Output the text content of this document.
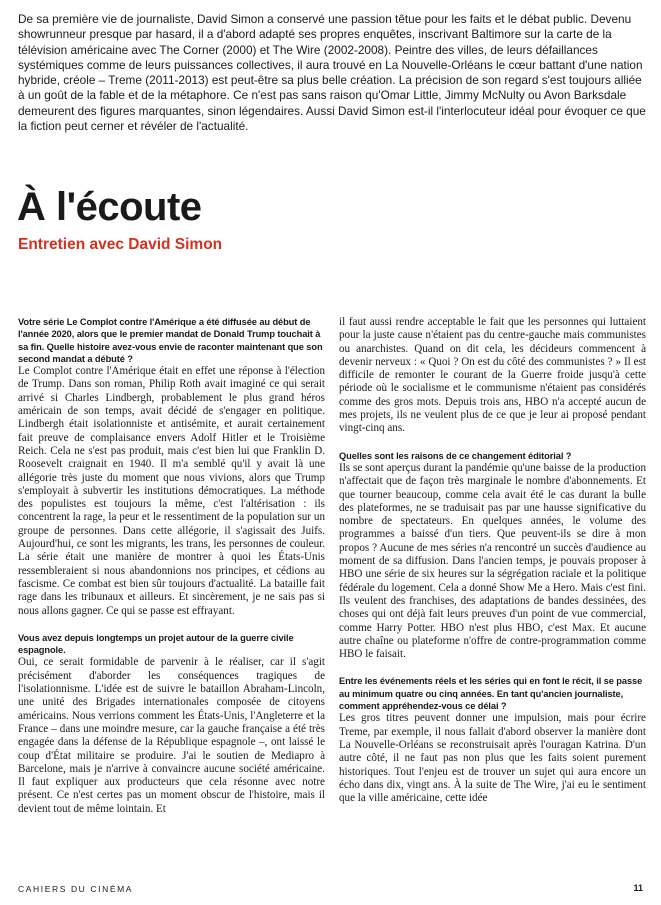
De sa première vie de journaliste, David Simon a conservé une passion têtue pour les faits et le débat public. Devenu showrunneur presque par hasard, il a d'abord adapté ses propres enquêtes, inscrivant Baltimore sur la carte de la télévision américaine avec The Corner (2000) et The Wire (2002-2008). Peintre des villes, de leurs défaillances systémiques comme de leurs puissances collectives, il aura trouvé en La Nouvelle-Orléans le cœur battant d'une nation hybride, créole – Treme (2011-2013) est peut-être sa plus belle création. La précision de son regard s'est toujours alliée à un goût de la fable et de la métaphore. Ce n'est pas sans raison qu'Omar Little, Jimmy McNulty ou Avon Barksdale demeurent des figures marquantes, sinon légendaires. Aussi David Simon est-il l'interlocuteur idéal pour évoquer ce que la fiction peut cerner et révéler de l'actualité.

À l'écoute
Entretien avec David Simon

Votre série Le Complot contre l'Amérique a été diffusée au début de l'année 2020, alors que le premier mandat de Donald Trump touchait à sa fin. Quelle histoire avez-vous envie de raconter maintenant que son second mandat a débuté ?

Le Complot contre l'Amérique était en effet une réponse à l'élection de Trump. Dans son roman, Philip Roth avait imaginé ce qui serait arrivé si Charles Lindbergh, probablement le plus grand héros américain de son temps, avait décidé de s'engager en politique. Lindbergh était isolationniste et antisémite, et aurait certainement fait preuve de complaisance envers Adolf Hitler et le Troisième Reich. Cela ne s'est pas produit, mais c'est bien lui que Franklin D. Roosevelt craignait en 1940. Il m'a semblé qu'il y avait là une allégorie très juste du moment que nous vivions, alors que Trump s'employait à subvertir les institutions démocratiques. La méthode des populistes est toujours la même, c'est l'altérisation : ils concentrent la rage, la peur et le ressentiment de la population sur un groupe de personnes. Dans cette allégorie, il s'agissait des Juifs. Aujourd'hui, ce sont les migrants, les trans, les personnes de couleur. La série était une manière de montrer à quoi les États-Unis ressembleraient si nous abandonnions nos principes, et cédions au fascisme. Ce combat est bien sûr toujours d'actualité. La bataille fait rage dans les tribunaux et ailleurs. Et sincèrement, je ne sais pas si nous allons gagner. Ce qui se passe est effrayant.

Vous avez depuis longtemps un projet autour de la guerre civile espagnole.

Oui, ce serait formidable de parvenir à le réaliser, car il s'agit précisément d'aborder les conséquences tragiques de l'isolationnisme. L'idée est de suivre le bataillon Abraham-Lincoln, une unité des Brigades internationales composée de citoyens américains. Nous verrions comment les États-Unis, l'Angleterre et la France – dans une moindre mesure, car la gauche française a été très engagée dans la défense de la République espagnole –, ont laissé le coup d'État militaire se produire. J'ai le soutien de Mediapro à Barcelone, mais je n'arrive à convaincre aucune société américaine. Il faut expliquer aux producteurs que cela résonne avec notre présent. Ce n'est certes pas un moment obscur de l'histoire, mais il devient tout de même lointain. Et

il faut aussi rendre acceptable le fait que les personnes qui luttaient pour la juste cause n'étaient pas du centre-gauche mais communistes ou anarchistes. Quand on dit cela, les décideurs commencent à devenir nerveux : « Quoi ? On est du côté des communistes ? » Il est difficile de remonter le courant de la Guerre froide jusqu'à cette période où le socialisme et le communisme n'étaient pas considérés comme des gros mots. Depuis trois ans, HBO n'a accepté aucun de mes projets, ils ne veulent plus de ce que je leur ai proposé pendant vingt-cinq ans.

Quelles sont les raisons de ce changement éditorial ?

Ils se sont aperçus durant la pandémie qu'une baisse de la production n'affectait que de façon très marginale le nombre d'abonnements. Et que tourner beaucoup, comme cela avait été le cas durant la bulle des plateformes, ne se traduisait pas par une hausse significative du nombre de spectateurs. En quelques années, le volume des programmes a baissé d'un tiers. Que peuvent-ils se dire à mon propos ? Aucune de mes séries n'a rencontré un succès d'audience au moment de sa diffusion. Dans l'ancien temps, je pouvais proposer à HBO une série de six heures sur la ségrégation raciale et la politique fédérale du logement. Cela a donné Show Me a Hero. Mais c'est fini. Ils veulent des franchises, des adaptations de bandes dessinées, des choses qui ont déjà fait leurs preuves d'un point de vue commercial, comme Harry Potter. HBO n'est plus HBO, c'est Max. Et aucune autre chaîne ou plateforme n'offre de contre-programmation comme HBO le faisait.

Entre les événements réels et les séries qui en font le récit, il se passe au minimum quatre ou cinq années. En tant qu'ancien journaliste, comment appréhendez-vous ce délai ?

Les gros titres peuvent donner une impulsion, mais pour écrire Treme, par exemple, il nous fallait d'abord observer la manière dont La Nouvelle-Orléans se reconstruisait après l'ouragan Katrina. D'un autre côté, il ne faut pas non plus que les faits soient purement historiques. Tout l'enjeu est de trouver un sujet qui aura encore un écho dans dix, vingt ans. À la suite de The Wire, j'ai eu le sentiment que la ville américaine, cette idée

CAHIERS DU CINÉMA	11
